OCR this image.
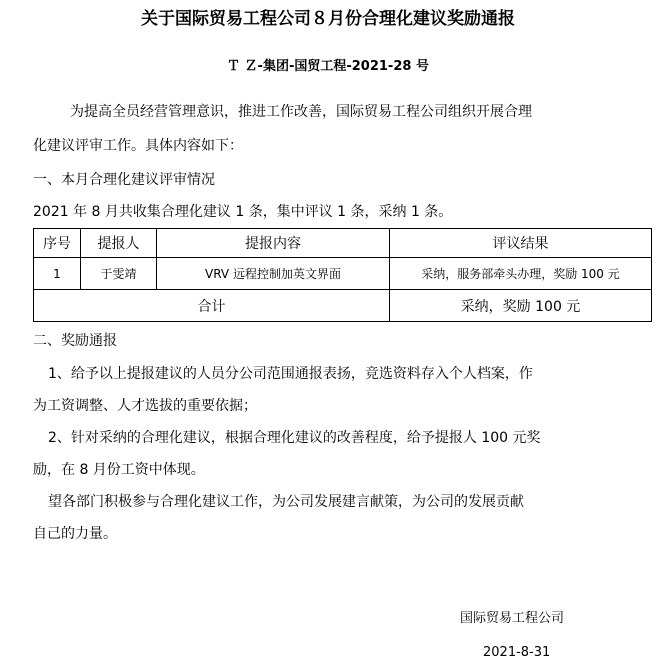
关于国际贸易工程公司８月份合理化建议奖励通报
Ｔ Ｚ-集团-国贸工程-2021-28 号
为提高全员经营管理意识，推进工作改善，国际贸易工程公司组织开展合理
化建议评审工作。具体内容如下：
一、本月合理化建议评审情况
2021 年 8 月共收集合理化建议 1 条，集中评议 1 条，采纳 1 条。
序号	提报人	提报内容	评议结果
1	于雯靖	VRV 远程控制加英文界面	采纳，服务部牵头办理，奖励 100 元
合计			采纳，奖励 100 元
二、奖励通报
1、给予以上提报建议的人员分公司范围通报表扬，竞选资料存入个人档案，作
为工资调整、人才选拔的重要依据；
2、针对采纳的合理化建议，根据合理化建议的改善程度，给予提报人 100 元奖
励，在 8 月份工资中体现。
望各部门积极参与合理化建议工作，为公司发展建言献策，为公司的发展贡献
自己的力量。
国际贸易工程公司
2021-8-31
